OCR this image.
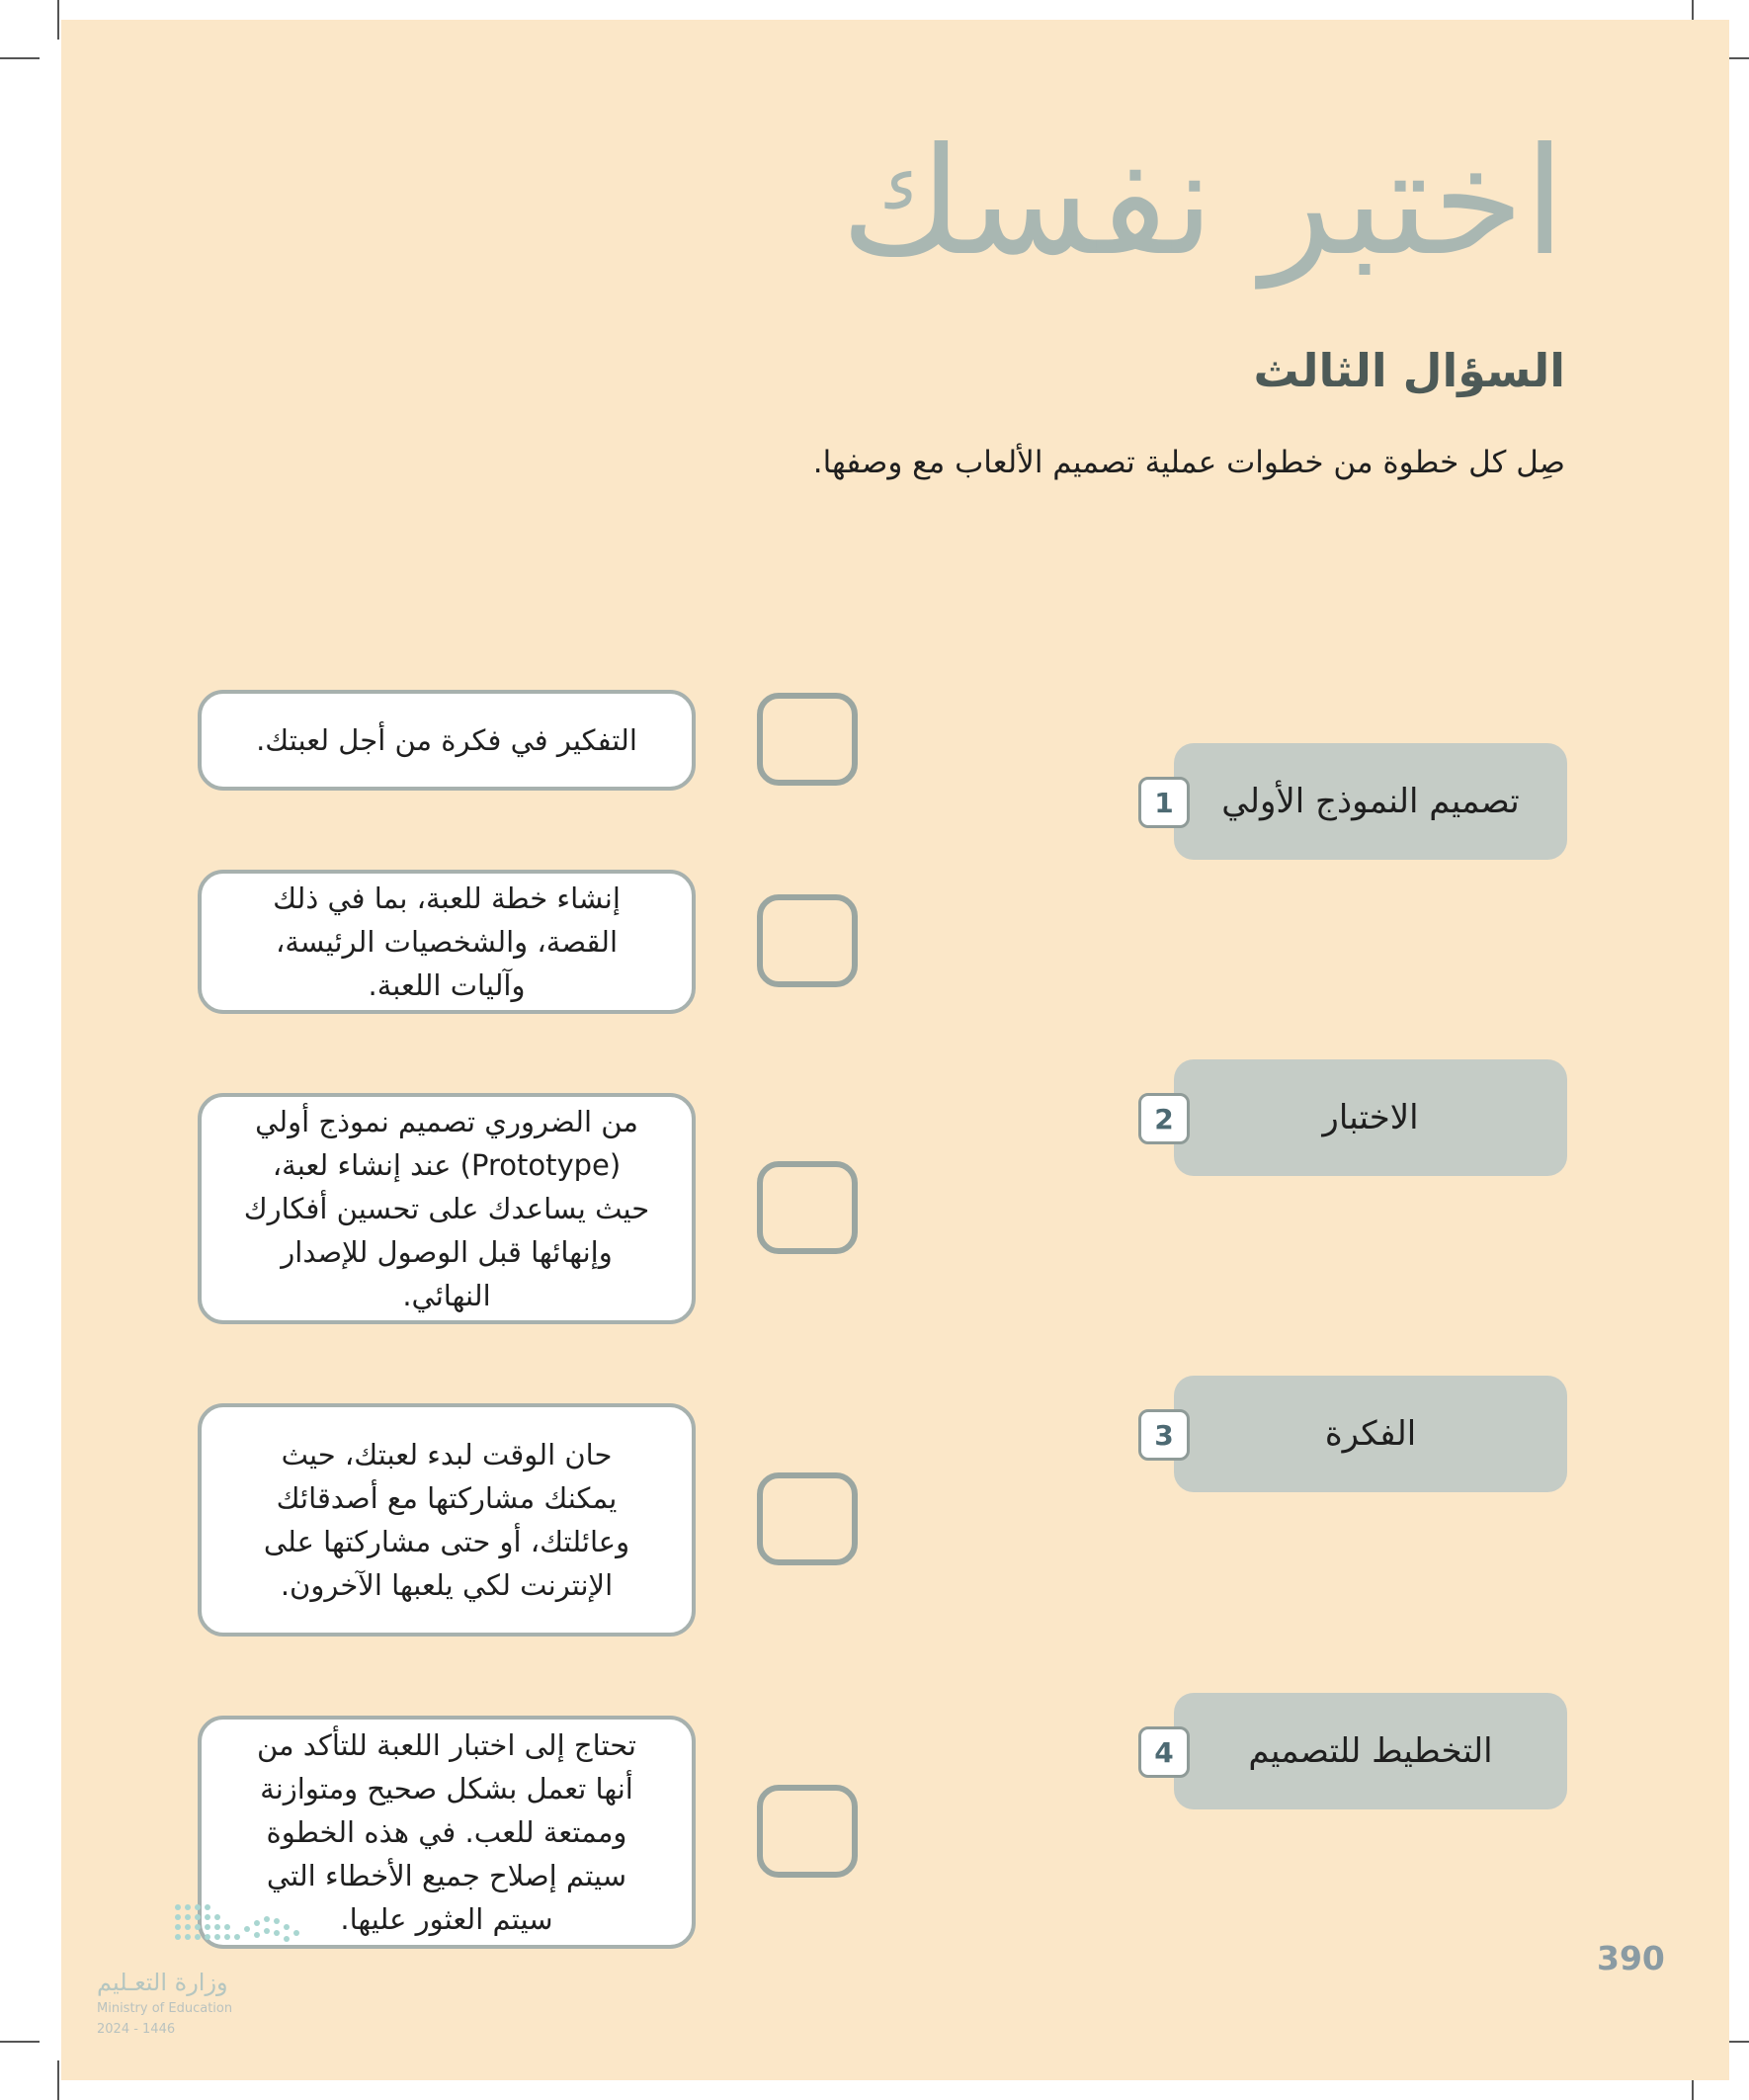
اختبر نفسك
السؤال الثالث
صِل كل خطوة من خطوات عملية تصميم الألعاب مع وصفها.
التفكير في فكرة من أجل لعبتك.
إنشاء خطة للعبة، بما في ذلك القصة، والشخصيات الرئيسة، وآليات اللعبة.
من الضروري تصميم نموذج أولي (Prototype) عند إنشاء لعبة، حيث يساعدك على تحسين أفكارك وإنهائها قبل الوصول للإصدار النهائي.
حان الوقت لبدء لعبتك، حيث يمكنك مشاركتها مع أصدقائك وعائلتك، أو حتى مشاركتها على الإنترنت لكي يلعبها الآخرون.
تحتاج إلى اختبار اللعبة للتأكد من أنها تعمل بشكل صحيح ومتوازنة وممتعة للعب. في هذه الخطوة سيتم إصلاح جميع الأخطاء التي سيتم العثور عليها.
تصميم النموذج الأولي
1
الاختبار
2
الفكرة
3
التخطيط للتصميم
4
وزارة التعـليم
Ministry of Education
2024 - 1446
390
